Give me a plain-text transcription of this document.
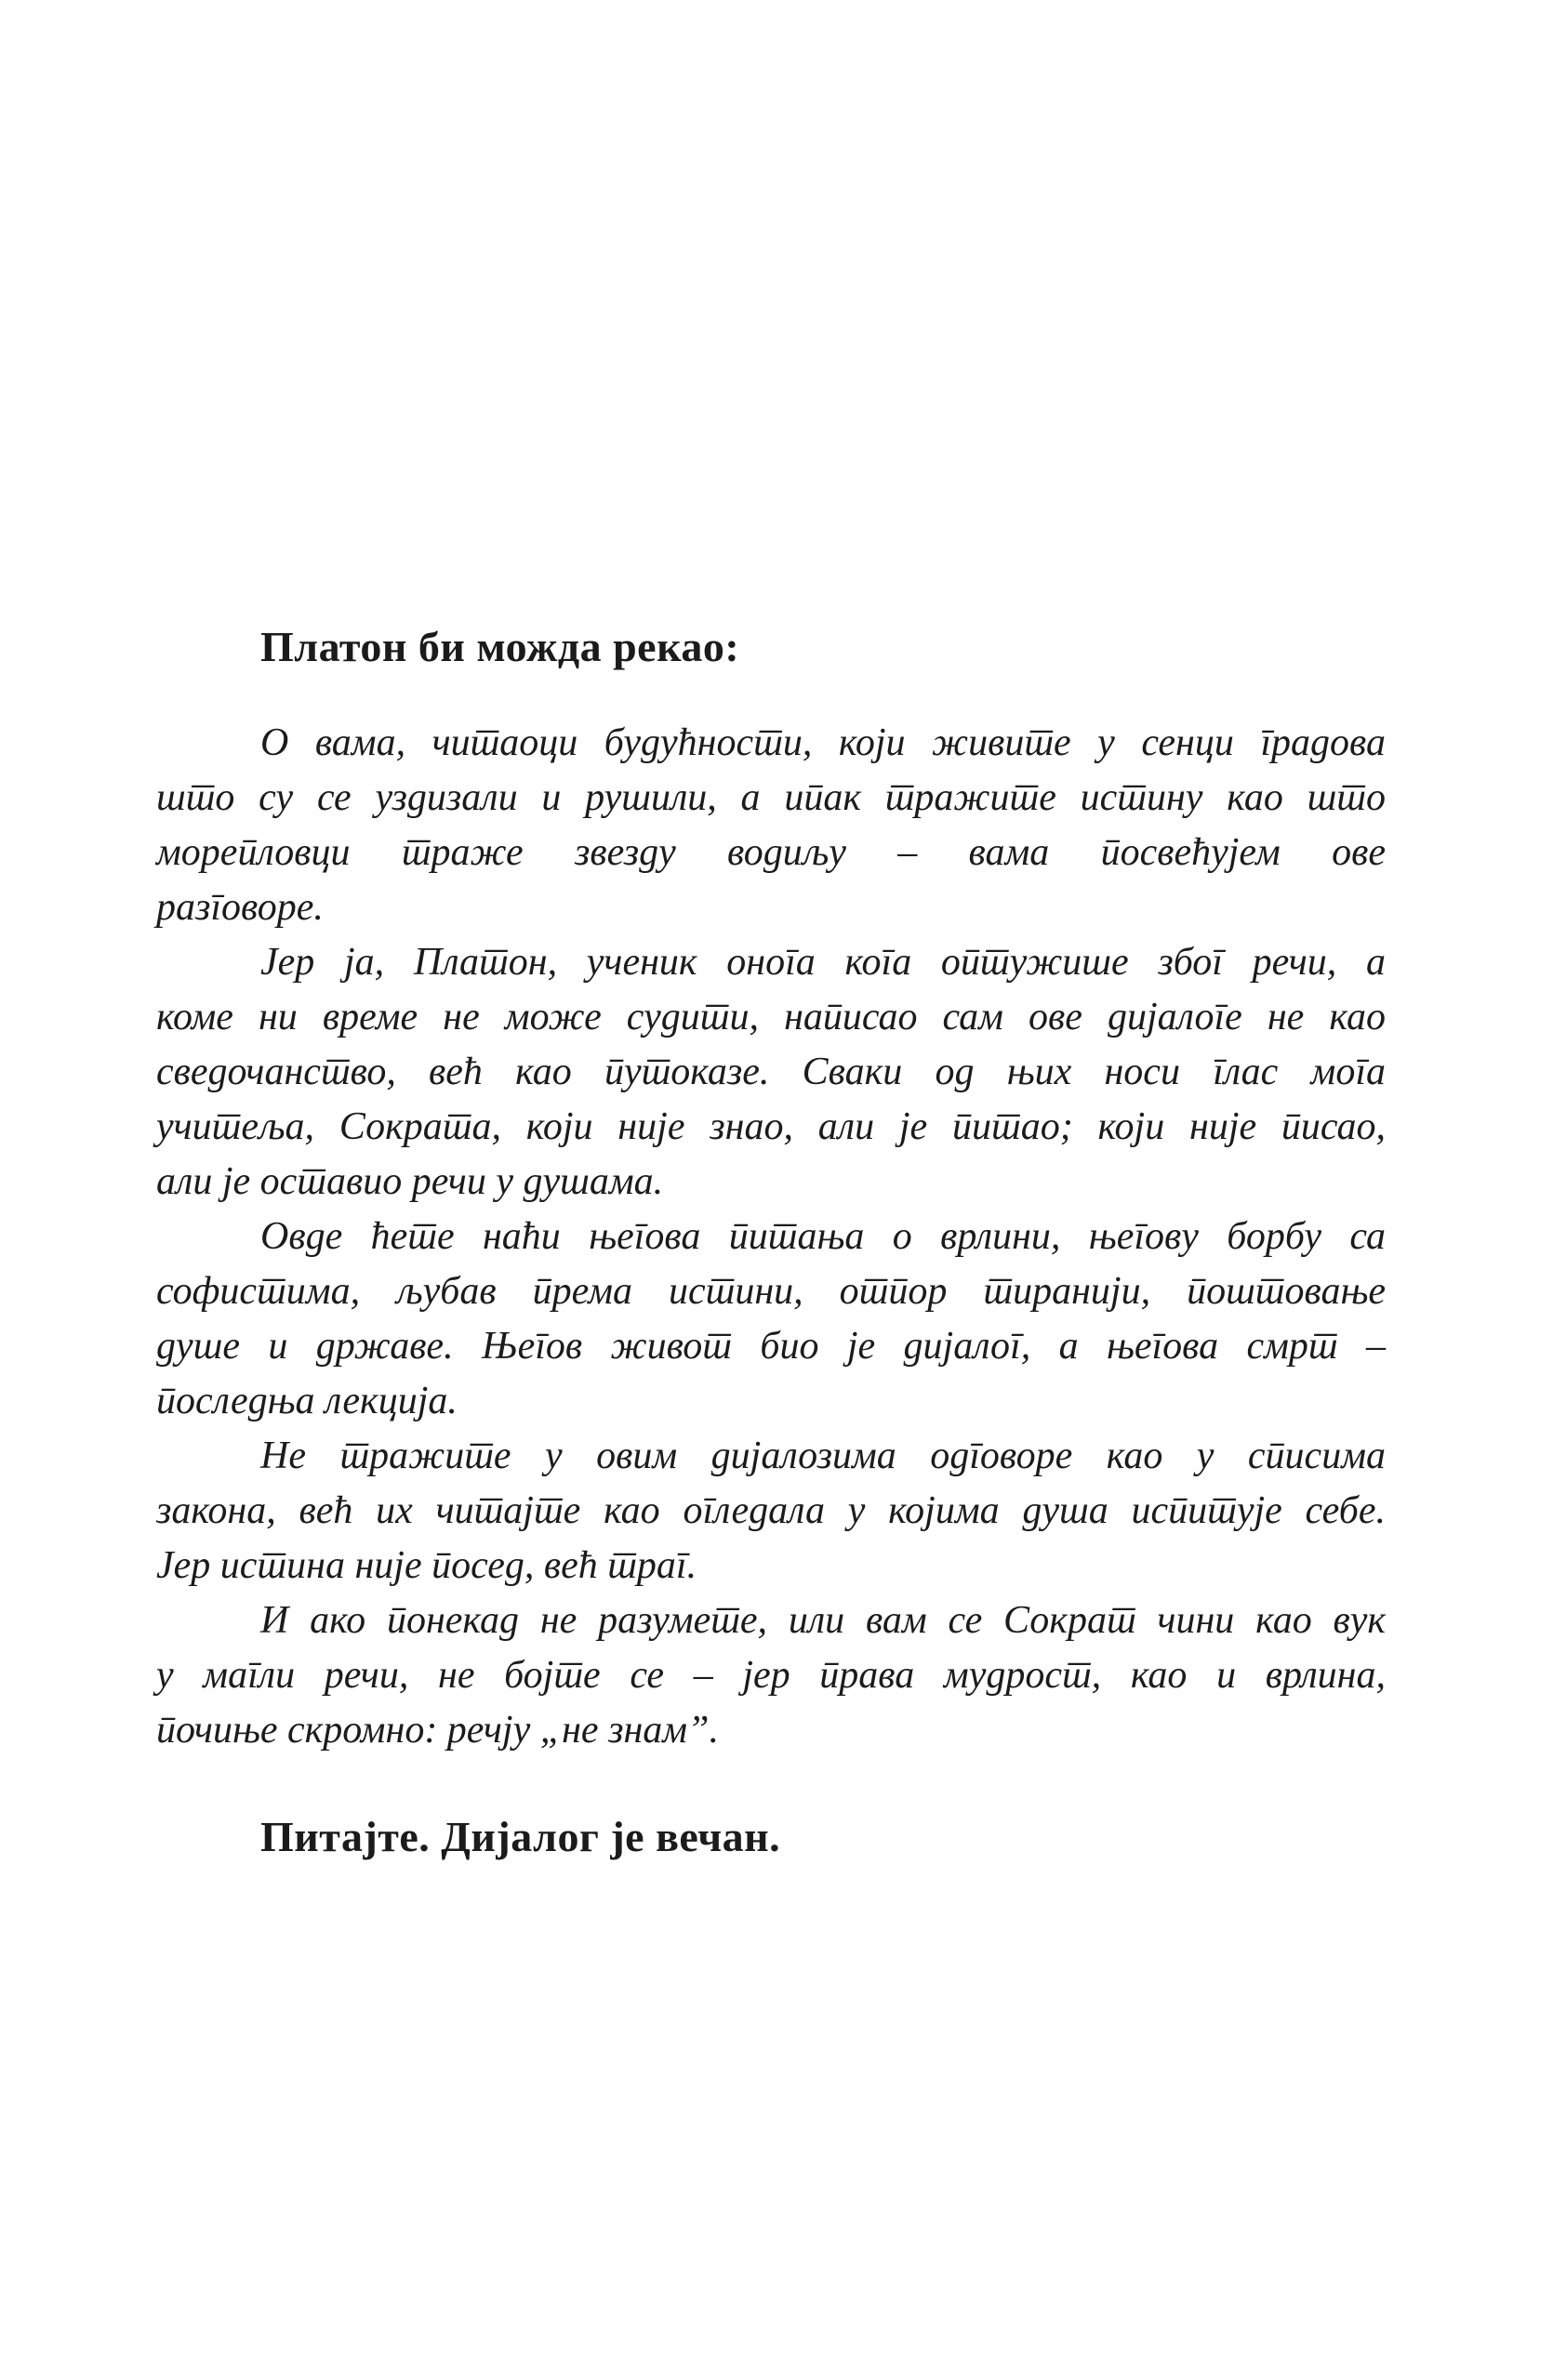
Платон би можда рекао:
О вама, читаоци будућности, који живите у сенци градова
што су се уздизали и рушили, а ипак тражите истину као што
морепловци траже звезду водиљу – вама посвећујем ове
разговоре.
Јер ја, Платон, ученик онога кога оптужише због речи, а
коме ни време не може судити, написао сам ове дијалоге не као
сведочанство, већ као путоказе. Сваки од њих носи глас мога
учитеља, Сократа, који није знао, али је питао; који није писао,
али је оставио речи у душама.
Овде ћете наћи његова питања о врлини, његову борбу са
софистима, љубав према истини, отпор тиранији, поштовање
душе и државе. Његов живот био је дијалог, а његова смрт –
последња лекција.
Не тражите у овим дијалозима одговоре као у списима
закона, већ их читајте као огледала у којима душа испитује себе.
Јер истина није посед, већ траг.
И ако понекад не разумете, или вам се Сократ чини као вук
у магли речи, не бојте се – јер права мудрост, као и врлина,
почиње скромно: речју „не знам”.

Питајте. Дијалог је вечан.
